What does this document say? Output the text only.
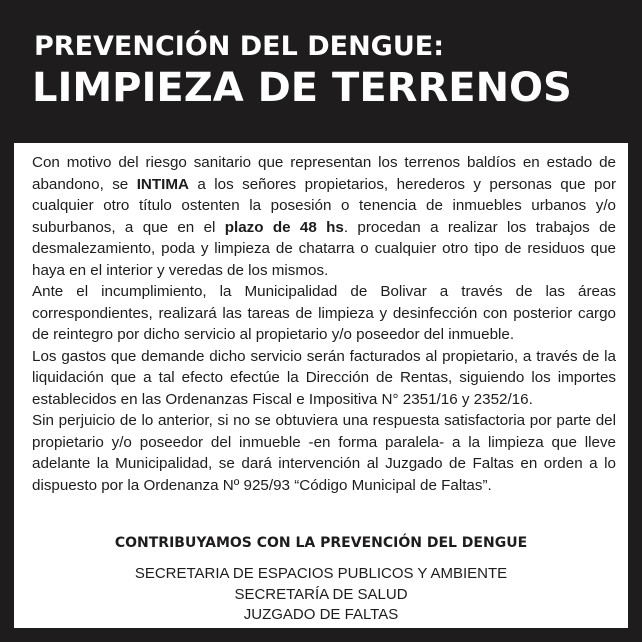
PREVENCIÓN DEL DENGUE:
LIMPIEZA DE TERRENOS

Con motivo del riesgo sanitario que representan los terrenos baldíos en estado de abandono, se INTIMA a los señores propietarios, herederos y personas que por cualquier otro título ostenten la posesión o tenencia de inmuebles urbanos y/o suburbanos, a que en el plazo de 48 hs. procedan a realizar los trabajos de desmalezamiento, poda y limpieza de chatarra o cualquier otro tipo de residuos que haya en el interior y veredas de los mismos.

Ante el incumplimiento, la Municipalidad de Bolivar a través de las áreas correspondientes, realizará las tareas de limpieza y desinfección con posterior cargo de reintegro por dicho servicio al propietario y/o poseedor del inmueble.

Los gastos que demande dicho servicio serán facturados al propietario, a través de la liquidación que a tal efecto efectúe la Dirección de Rentas, siguiendo los importes establecidos en las Ordenanzas Fiscal e Impositiva N° 2351/16 y 2352/16.

Sin perjuicio de lo anterior, si no se obtuviera una respuesta satisfactoria por parte del propietario y/o poseedor del inmueble -en forma paralela- a la limpieza que lleve adelante la Municipalidad, se dará intervención al Juzgado de Faltas en orden a lo dispuesto por la Ordenanza Nº 925/93 “Código Municipal de Faltas”.

CONTRIBUYAMOS CON LA PREVENCIÓN DEL DENGUE
SECRETARIA DE ESPACIOS PUBLICOS Y AMBIENTE
SECRETARÍA DE SALUD
JUZGADO DE FALTAS
